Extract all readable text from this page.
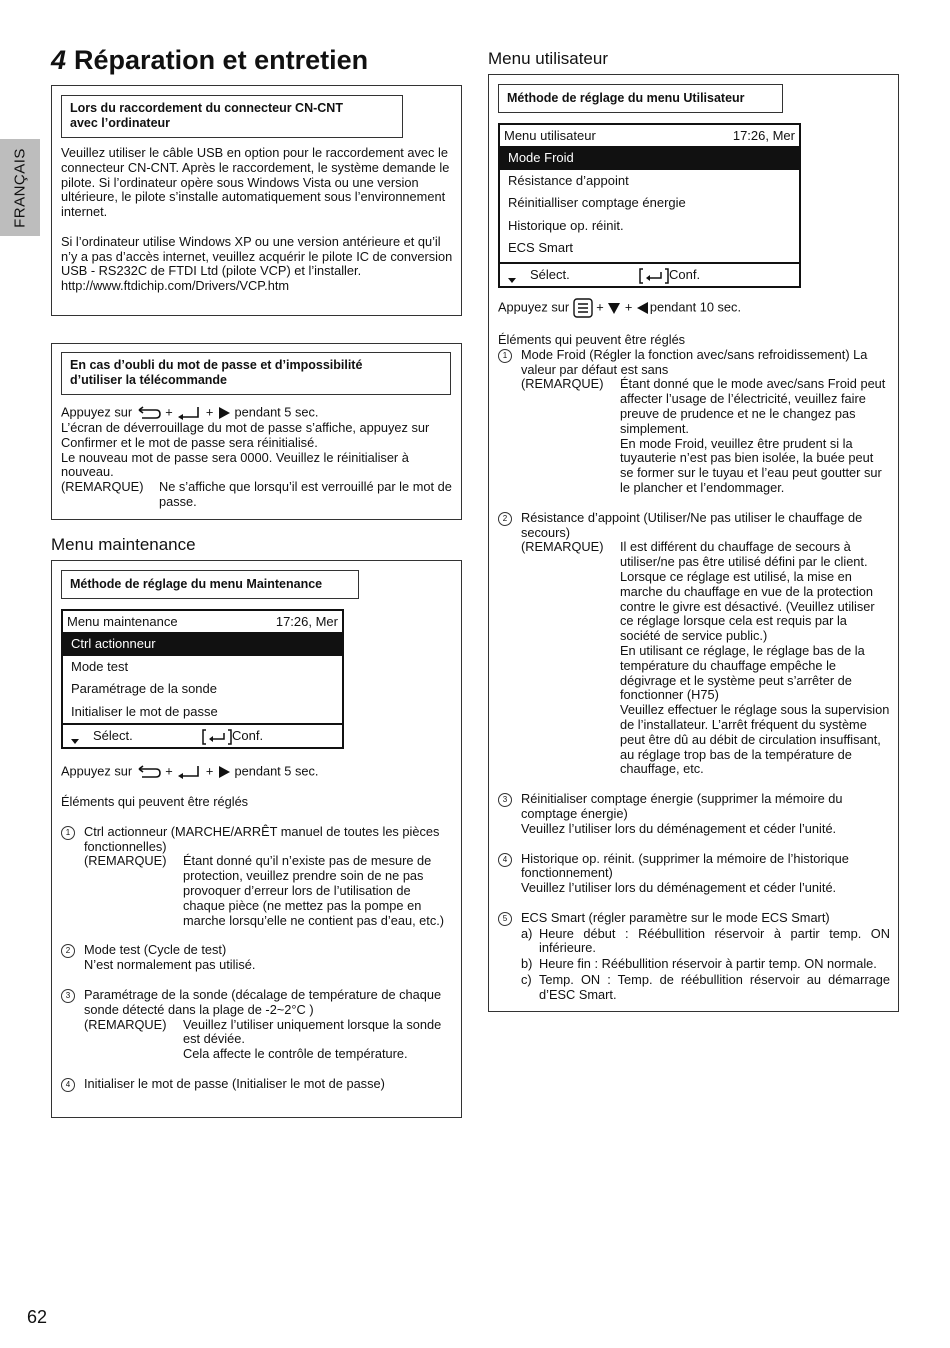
FRANÇAIS
4 Réparation et entretien
Lors du raccordement du connecteur CN-CNT
avec l’ordinateur

Veuillez utiliser le câble USB en option pour le raccordement avec le connecteur CN-CNT. Après le raccordement, le système demande le pilote. Si l’ordinateur opère sous Windows Vista ou une version ultérieure, le pilote s’installe automatiquement sous l’environnement internet.

Si l’ordinateur utilise Windows XP ou une version antérieure et qu’il n’y a pas d’accès internet, veuillez acquérir le pilote IC de conversion USB - RS232C de FTDI Ltd (pilote VCP) et l’installer.

http://www.ftdichip.com/Drivers/VCP.htm

En cas d’oubli du mot de passe et d’impossibilité
d’utiliser la télécommande

Appuyez sur	+	+ pendant 5 sec.

L’écran de déverrouillage du mot de passe s’affiche, appuyez sur Confirmer et le mot de passe sera réinitialisé.

Le nouveau mot de passe sera 0000. Veuillez le réinitialiser à nouveau.

(REMARQUE)	Ne s’affiche que lorsqu’il est verrouillé par le mot de passe.
Menu maintenance
Méthode de réglage du menu Maintenance
Menu maintenance	17:26, Mer
Ctrl actionneur
Mode test
Paramétrage de la sonde
Initialiser le mot de passe
Sélect.	Conf.

Appuyez sur	+	+ pendant 5 sec.

Éléments qui peuvent être réglés

1	Ctrl actionneur (MARCHE/ARRÊT manuel de toutes les pièces fonctionnelles)
(REMARQUE)	Étant donné qu’il n’existe pas de mesure de protection, veuillez prendre soin de ne pas provoquer d’erreur lors de l’utilisation de chaque pièce (ne mettez pas la pompe en marche lorsqu’elle ne contient pas d’eau, etc.)
2	Mode test (Cycle de test)
N’est normalement pas utilisé.
3	Paramétrage de la sonde (décalage de température de chaque sonde détecté dans la plage de -2~2°C )
(REMARQUE)	Veuillez l’utiliser uniquement lorsque la sonde est déviée.
Cela affecte le contrôle de température.
4	Initialiser le mot de passe (Initialiser le mot de passe)
Menu utilisateur
Méthode de réglage du menu Utilisateur
Menu utilisateur	17:26, Mer
Mode Froid
Résistance d’appoint
Réinitialliser comptage énergie
Historique op. réinit.
ECS Smart
Sélect.	Conf.

Appuyez sur + + pendant 10 sec.

Éléments qui peuvent être réglés

1	Mode Froid (Régler la fonction avec/sans refroidissement) La valeur par défaut est sans
(REMARQUE)	Étant donné que le mode avec/sans Froid peut affecter l’usage de l’électricité, veuillez faire preuve de prudence et ne le changez pas simplement.
En mode Froid, veuillez être prudent si la tuyauterie n’est pas bien isolée, la buée peut se former sur le tuyau et l’eau peut goutter sur le plancher et l’endommager.
2	Résistance d’appoint (Utiliser/Ne pas utiliser le chauffage de secours)
(REMARQUE)	Il est différent du chauffage de secours à utiliser/ne pas être utilisé défini par le client. Lorsque ce réglage est utilisé, la mise en marche du chauffage en vue de la protection contre le givre est désactivé. (Veuillez utiliser ce réglage lorsque cela est requis par la société de service public.)
En utilisant ce réglage, le réglage bas de la température du chauffage empêche le dégivrage et le système peut s’arrêter de fonctionner (H75)
Veuillez effectuer le réglage sous la supervision de l’installateur. L’arrêt fréquent du système peut être dû au débit de circulation insuffisant, au réglage trop bas de la température de chauffage, etc.
3	Réinitialiser comptage énergie (supprimer la mémoire du comptage énergie)
Veuillez l’utiliser lors du déménagement et céder l’unité.
4	Historique op. réinit. (supprimer la mémoire de l’historique fonctionnement)
Veuillez l’utiliser lors du déménagement et céder l’unité.
5	ECS Smart (régler paramètre sur le mode ECS Smart)
a) Heure début : Réébullition réservoir à partir temp. ON inférieure.
b) Heure fin : Réébullition réservoir à partir temp. ON normale.
c) Temp. ON : Temp. de réébullition réservoir au démarrage d’ESC Smart.
62
